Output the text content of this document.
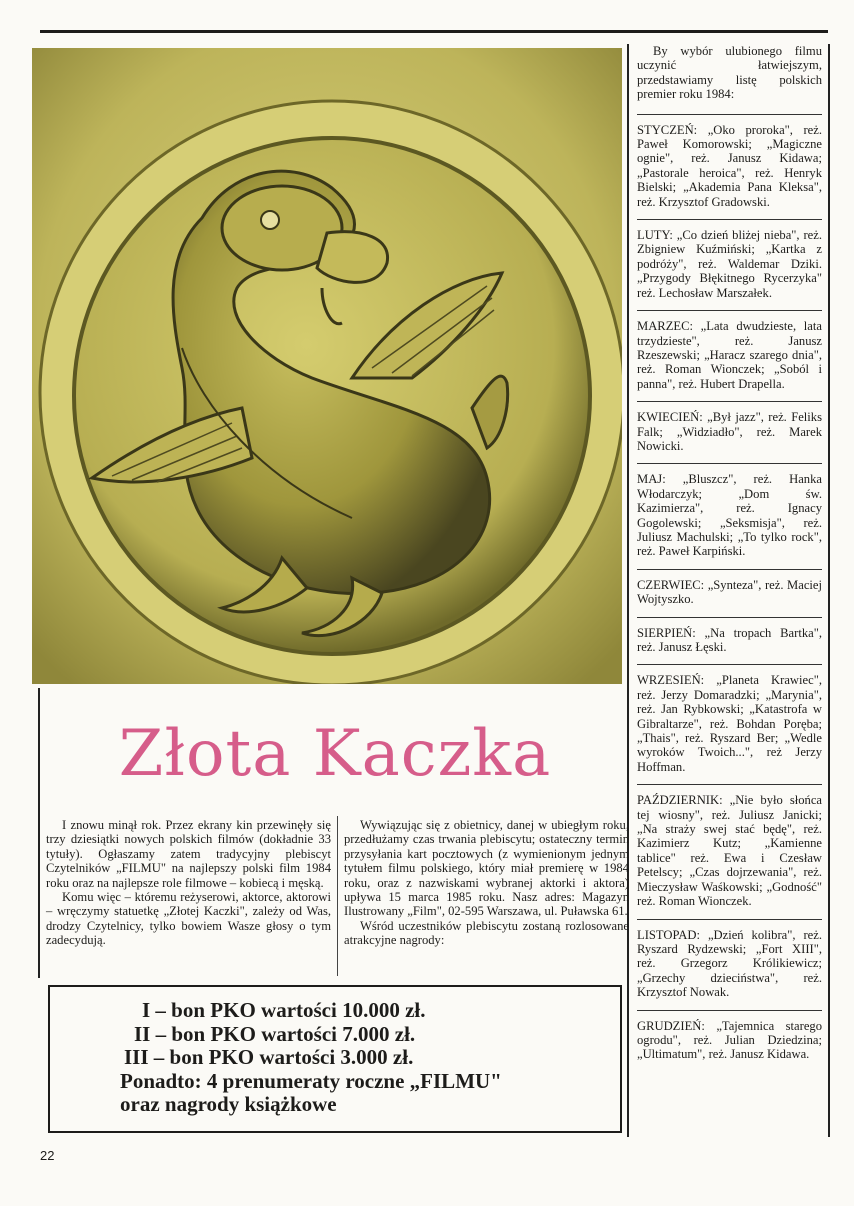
By wybór ulubionego filmu uczynić łatwiejszym, przedstawiamy listę polskich premier roku 1984:

STYCZEŃ: „Oko proroka", reż. Paweł Komorowski; „Magiczne ognie", reż. Janusz Kidawa; „Pastorale heroica", reż. Henryk Bielski; „Akademia Pana Kleksa", reż. Krzysztof Gradowski.

LUTY: „Co dzień bliżej nieba", reż. Zbigniew Kuźmiński; „Kartka z podróży", reż. Waldemar Dziki. „Przygody Błękitnego Rycerzyka" reż. Lechosław Marszałek.

MARZEC: „Lata dwudzieste, lata trzydzieste", reż. Janusz Rzeszewski; „Haracz szarego dnia", reż. Roman Wionczek; „Soból i panna", reż. Hubert Drapella.

KWIECIEŃ: „Był jazz", reż. Feliks Falk; „Widziadło", reż. Marek Nowicki.

MAJ: „Bluszcz", reż. Hanka Włodarczyk; „Dom św. Kazimierza", reż. Ignacy Gogolewski; „Seksmisja", reż. Juliusz Machulski; „To tylko rock", reż. Paweł Karpiński.

CZERWIEC: „Synteza", reż. Maciej Wojtyszko.

SIERPIEŃ: „Na tropach Bartka", reż. Janusz Łęski.

WRZESIEŃ: „Planeta Krawiec", reż. Jerzy Domaradzki; „Marynia", reż. Jan Rybkowski; „Katastrofa w Gibraltarze", reż. Bohdan Poręba; „Thais", reż. Ryszard Ber; „Wedle wyroków Twoich...", reż Jerzy Hoffman.

PAŹDZIERNIK: „Nie było słońca tej wiosny", reż. Juliusz Janicki; „Na straży swej stać będę", reż. Kazimierz Kutz; „Kamienne tablice" reż. Ewa i Czesław Petelscy; „Czas dojrzewania", reż. Mieczysław Waśkowski; „Godność" reż. Roman Wionczek.

LISTOPAD: „Dzień kolibra", reż. Ryszard Rydzewski; „Fort XIII", reż. Grzegorz Królikiewicz; „Grzechy dzieciństwa", reż. Krzysztof Nowak.

GRUDZIEŃ: „Tajemnica starego ogrodu", reż. Julian Dziedzina; „Ultimatum", reż. Janusz Kidawa.

Złota Kaczka

I znowu minął rok. Przez ekrany kin przewinęły się trzy dziesiątki nowych polskich filmów (dokładnie 33 tytuły). Ogłaszamy zatem tradycyjny plebiscyt Czytelników „FILMU" na najlepszy polski film 1984 roku oraz na najlepsze role filmowe – kobiecą i męską.

Komu więc – któremu reżyserowi, aktorce, aktorowi – wręczymy statuetkę „Złotej Kaczki", zależy od Was, drodzy Czytelnicy, tylko bowiem Wasze głosy o tym zadecydują.

Wywiązując się z obietnicy, danej w ubiegłym roku, przedłużamy czas trwania plebiscytu; ostateczny termin przysyłania kart pocztowych (z wymienionym jednym tytułem filmu polskiego, który miał premierę w 1984 roku, oraz z nazwiskami wybranej aktorki i aktora) upływa 15 marca 1985 roku. Nasz adres: Magazyn Ilustrowany „Film", 02-595 Warszawa, ul. Puławska 61.

Wśród uczestników plebiscytu zostaną rozlosowane atrakcyjne nagrody:

I – bon PKO wartości 10.000 zł.
II – bon PKO wartości 7.000 zł.
III – bon PKO wartości 3.000 zł.
Ponadto: 4 prenumeraty roczne „FILMU"
oraz nagrody książkowe
22
